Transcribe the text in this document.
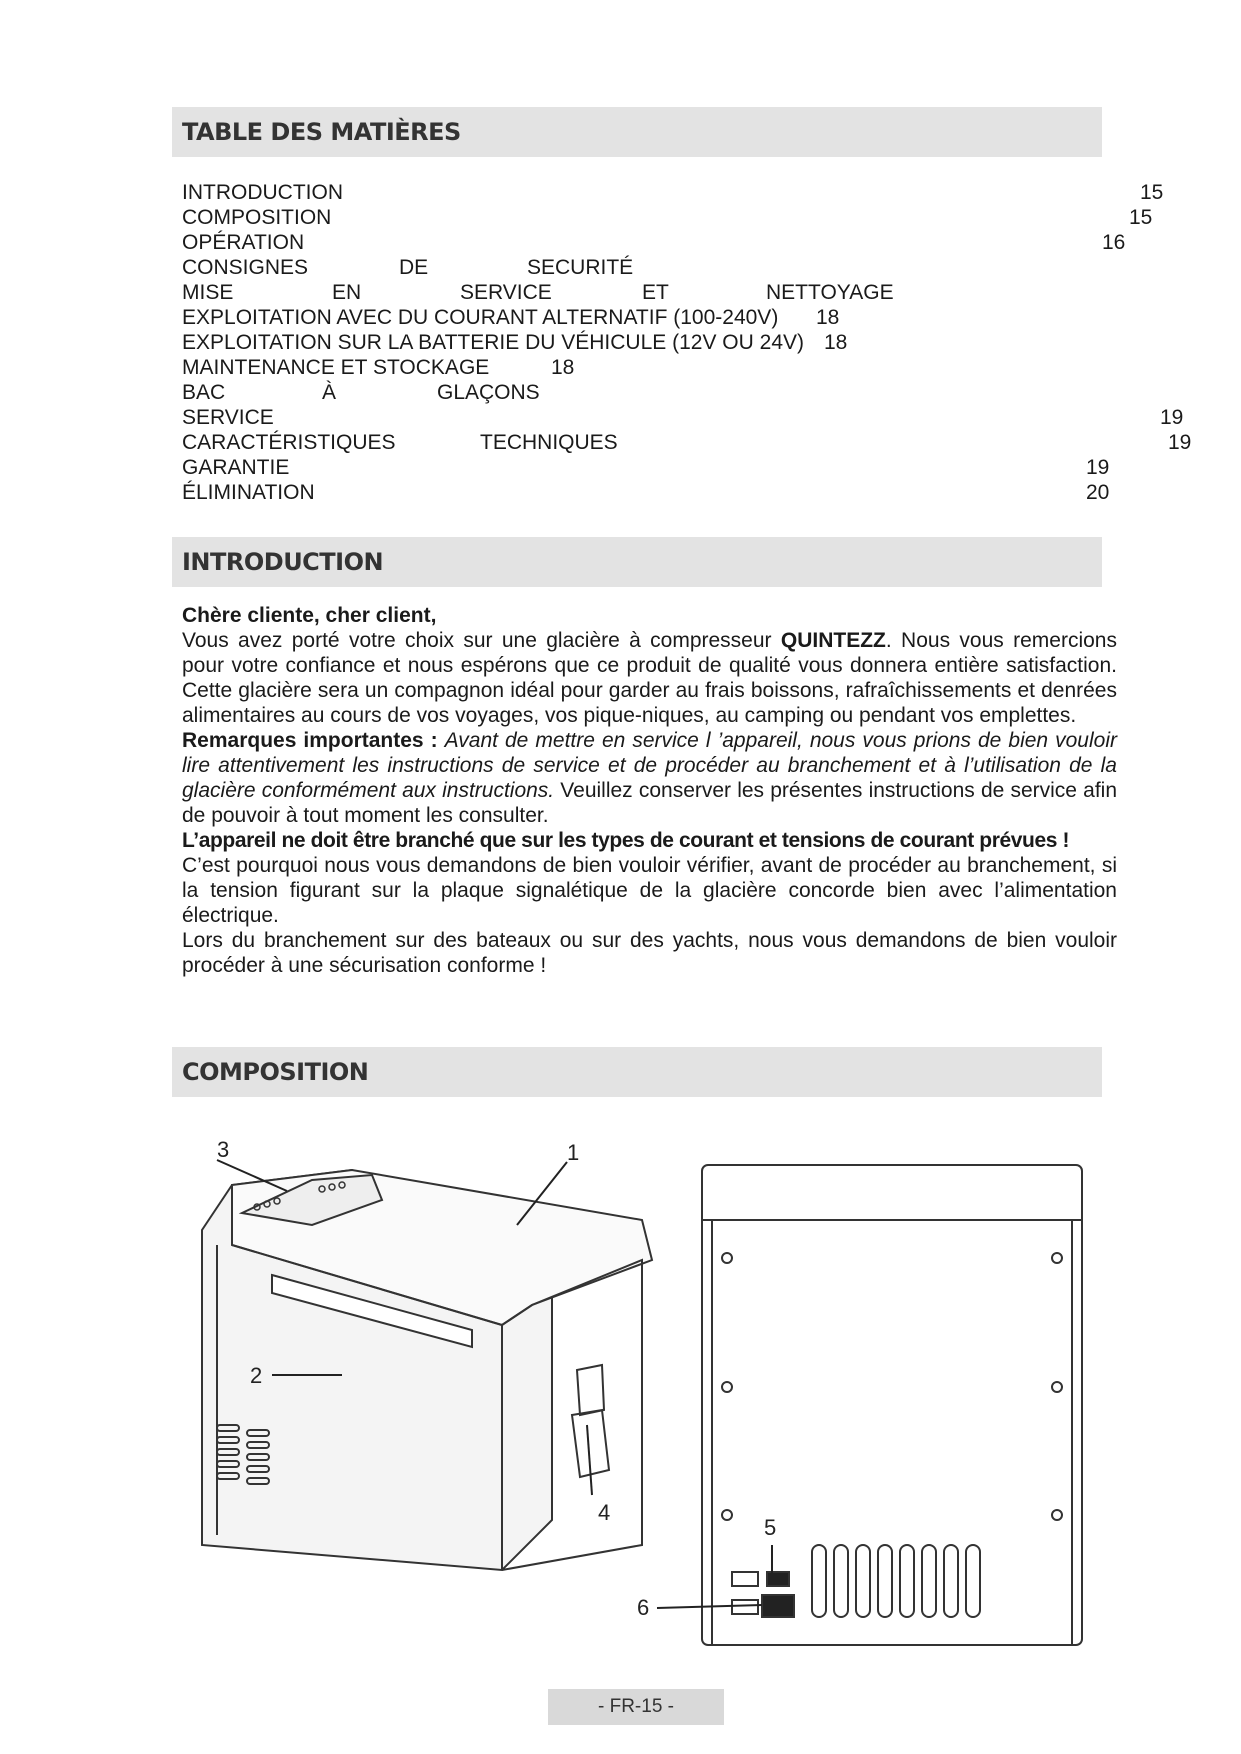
TABLE DES MATIÈRES
INTRODUCTION	15
COMPOSITION	15
OPÉRATION	16
CONSIGNES	DE	SECURITÉ
MISE	EN	SERVICE	ET	NETTOYAGE
EXPLOITATION AVEC DU COURANT ALTERNATIF (100-240V) 18
EXPLOITATION SUR LA BATTERIE DU VÉHICULE (12V OU 24V) 18
MAINTENANCE ET STOCKAGE	18
BAC	À	GLAÇONS
SERVICE	19
CARACTÉRISTIQUES	TECHNIQUES	19
GARANTIE	19
ÉLIMINATION	20
INTRODUCTION

Chère cliente, cher client,

Vous avez porté votre choix sur une glacière à compresseur QUINTEZZ. Nous vous remercions pour votre confiance et nous espérons que ce produit de qualité vous donnera entière satisfaction. Cette glacière sera un compagnon idéal pour garder au frais boissons, rafraîchissements et denrées alimentaires au cours de vos voyages, vos pique-niques, au camping ou pendant vos emplettes.

Remarques importantes : Avant de mettre en service l ’appareil, nous vous prions de bien vouloir lire attentivement les instructions de service et de procéder au branchement et à l’utilisation de la glacière conformément aux instructions. Veuillez conserver les présentes instructions de service afin de pouvoir à tout moment les consulter.

L’appareil ne doit être branché que sur les types de courant et tensions de courant prévues !

C’est pourquoi nous vous demandons de bien vouloir vérifier, avant de procéder au branchement, si la tension figurant sur la plaque signalétique de la glacière concorde bien avec l’alimentation électrique.

Lors du branchement sur des bateaux ou sur des yachts, nous vous demandons de bien vouloir procéder à une sécurisation conforme !

COMPOSITION
1
2
3
4
5
6
- FR-15 -
